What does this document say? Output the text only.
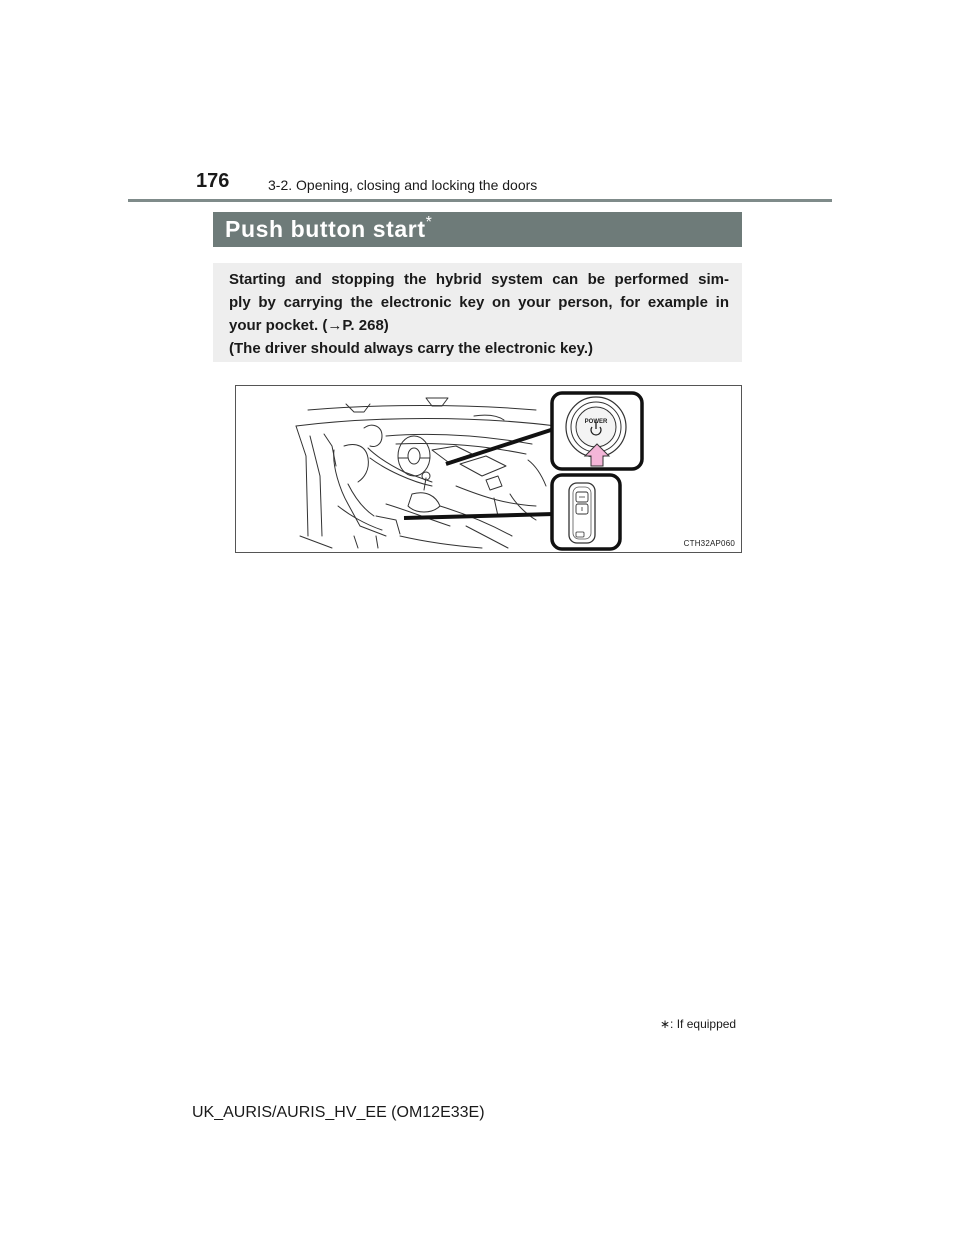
176	3-2. Opening, closing and locking the doors
Push button start *
Starting and stopping the hybrid system can be performed sim-
ply by carrying the electronic key on your person, for example in
your pocket. (→P. 268)
(The driver should always carry the electronic key.)
POWER
CTH32AP060
∗: If equipped
UK_AURIS/AURIS_HV_EE (OM12E33E)
